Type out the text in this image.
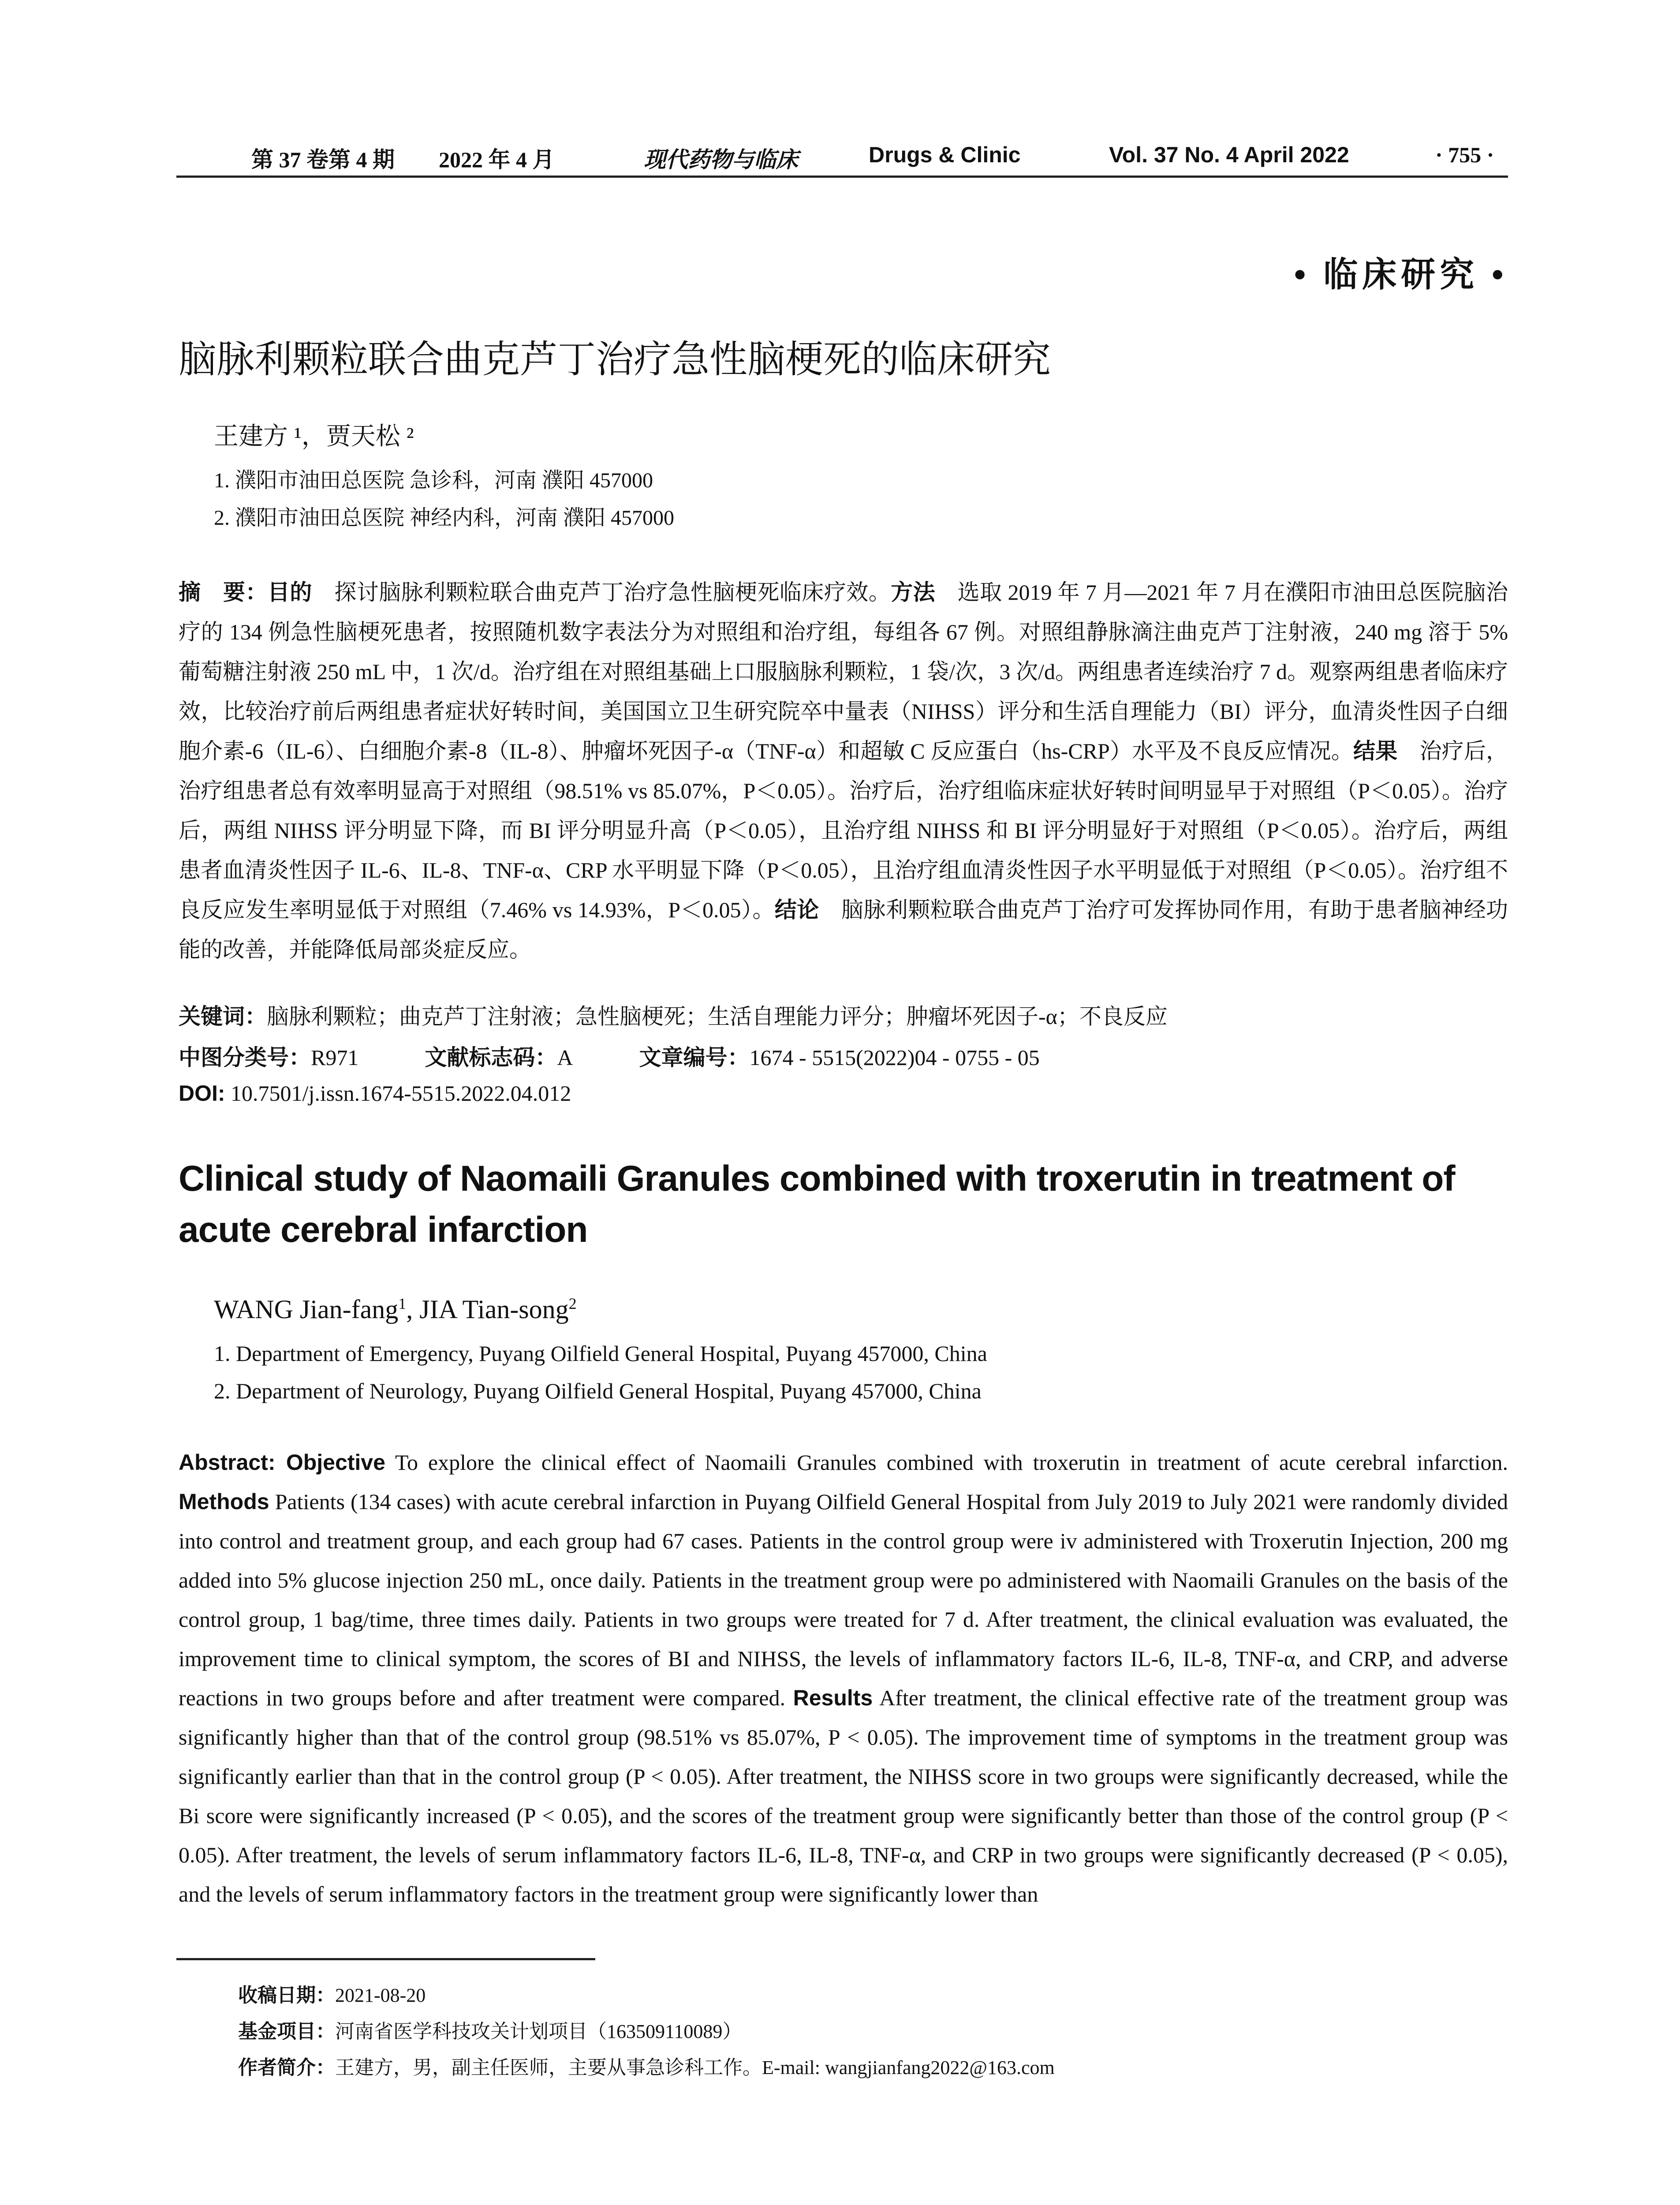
第 37 卷第 4 期 2022 年 4 月	现代药物与临床	Drugs & Clinic	Vol. 37 No. 4 April 2022	· 755 ·
• 临床研究 •
脑脉利颗粒联合曲克芦丁治疗急性脑梗死的临床研究
王建方 ¹，贾天松 ²
1. 濮阳市油田总医院 急诊科，河南 濮阳 457000
2. 濮阳市油田总医院 神经内科，河南 濮阳 457000
摘　要：目的　探讨脑脉利颗粒联合曲克芦丁治疗急性脑梗死临床疗效。方法　选取 2019 年 7 月—2021 年 7 月在濮阳市油田总医院脑治疗的 134 例急性脑梗死患者，按照随机数字表法分为对照组和治疗组，每组各 67 例。对照组静脉滴注曲克芦丁注射液，240 mg 溶于 5%葡萄糖注射液 250 mL 中，1 次/d。治疗组在对照组基础上口服脑脉利颗粒，1 袋/次，3 次/d。两组患者连续治疗 7 d。观察两组患者临床疗效，比较治疗前后两组患者症状好转时间，美国国立卫生研究院卒中量表（NIHSS）评分和生活自理能力（BI）评分，血清炎性因子白细胞介素-6（IL-6）、白细胞介素-8（IL-8）、肿瘤坏死因子-α（TNF-α）和超敏 C 反应蛋白（hs-CRP）水平及不良反应情况。结果　治疗后，治疗组患者总有效率明显高于对照组（98.51% vs 85.07%，P＜0.05）。治疗后，治疗组临床症状好转时间明显早于对照组（P＜0.05）。治疗后，两组 NIHSS 评分明显下降，而 BI 评分明显升高（P＜0.05），且治疗组 NIHSS 和 BI 评分明显好于对照组（P＜0.05）。治疗后，两组患者血清炎性因子 IL-6、IL-8、TNF-α、CRP 水平明显下降（P＜0.05），且治疗组血清炎性因子水平明显低于对照组（P＜0.05）。治疗组不良反应发生率明显低于对照组（7.46% vs 14.93%，P＜0.05）。结论　脑脉利颗粒联合曲克芦丁治疗可发挥协同作用，有助于患者脑神经功能的改善，并能降低局部炎症反应。
关键词：脑脉利颗粒；曲克芦丁注射液；急性脑梗死；生活自理能力评分；肿瘤坏死因子-α；不良反应
中图分类号：R971	文献标志码：A	文章编号：1674 - 5515(2022)04 - 0755 - 05
DOI: 10.7501/j.issn.1674-5515.2022.04.012
Clinical study of Naomaili Granules combined with troxerutin in treatment of acute cerebral infarction
WANG Jian-fang$^1$, JIA Tian-song$^2$
1. Department of Emergency, Puyang Oilfield General Hospital, Puyang 457000, China
2. Department of Neurology, Puyang Oilfield General Hospital, Puyang 457000, China
Abstract: Objective To explore the clinical effect of Naomaili Granules combined with troxerutin in treatment of acute cerebral infarction. Methods Patients (134 cases) with acute cerebral infarction in Puyang Oilfield General Hospital from July 2019 to July 2021 were randomly divided into control and treatment group, and each group had 67 cases. Patients in the control group were iv administered with Troxerutin Injection, 200 mg added into 5% glucose injection 250 mL, once daily. Patients in the treatment group were po administered with Naomaili Granules on the basis of the control group, 1 bag/time, three times daily. Patients in two groups were treated for 7 d. After treatment, the clinical evaluation was evaluated, the improvement time to clinical symptom, the scores of BI and NIHSS, the levels of inflammatory factors IL-6, IL-8, TNF-α, and CRP, and adverse reactions in two groups before and after treatment were compared. Results After treatment, the clinical effective rate of the treatment group was significantly higher than that of the control group (98.51% vs 85.07%, P < 0.05). The improvement time of symptoms in the treatment group was significantly earlier than that in the control group (P < 0.05). After treatment, the NIHSS score in two groups were significantly decreased, while the Bi score were significantly increased (P < 0.05), and the scores of the treatment group were significantly better than those of the control group (P < 0.05). After treatment, the levels of serum inflammatory factors IL-6, IL-8, TNF-α, and CRP in two groups were significantly decreased (P < 0.05), and the levels of serum inflammatory factors in the treatment group were significantly lower than
收稿日期：2021-08-20
基金项目：河南省医学科技攻关计划项目（163509110089）
作者简介：王建方，男，副主任医师，主要从事急诊科工作。E-mail: wangjianfang2022@163.com
